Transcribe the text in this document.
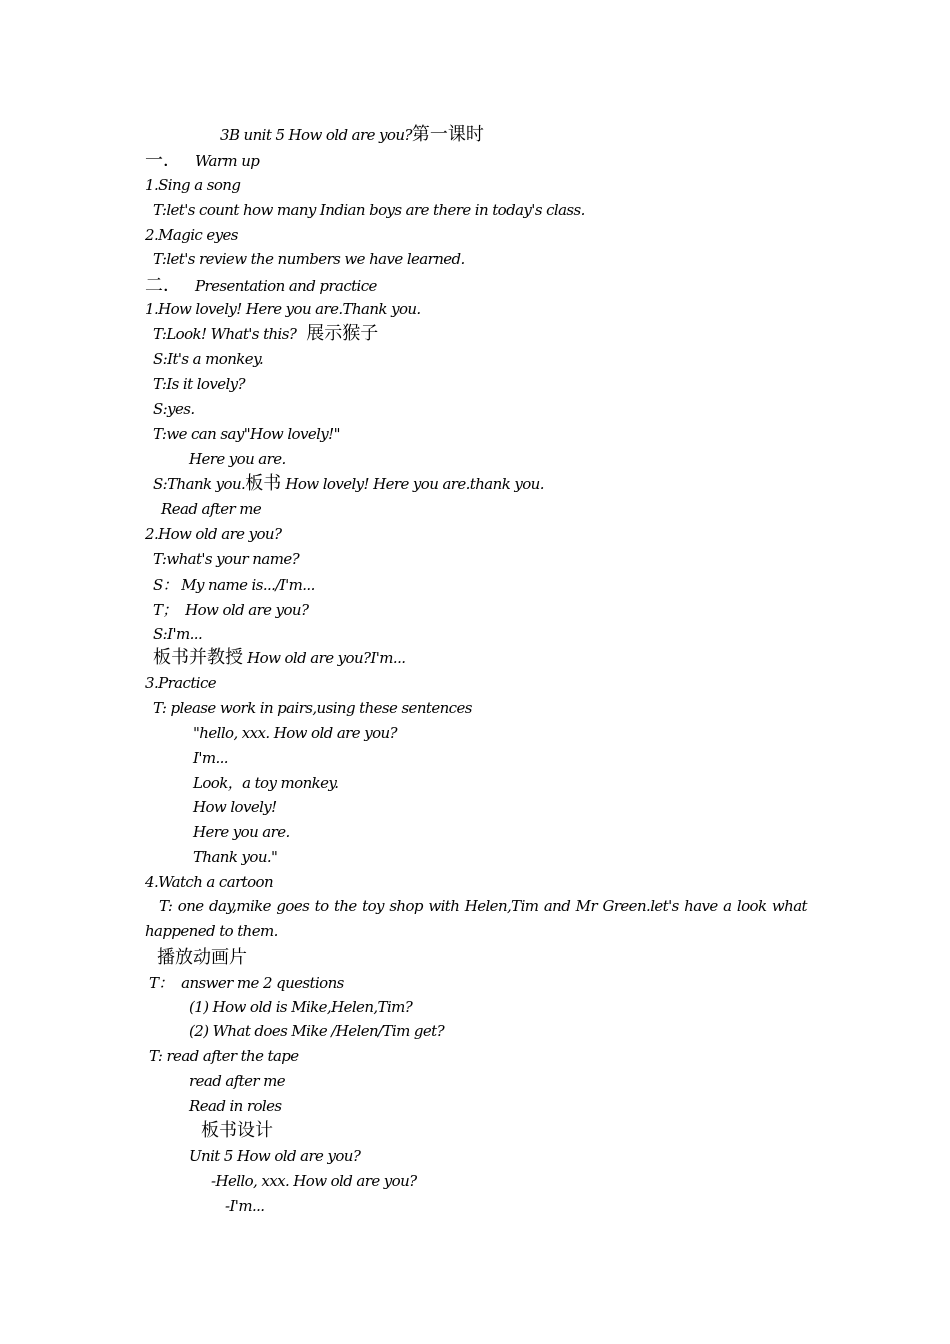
3B unit 5 How old are you?第一课时
一． Warm up
1.Sing a song
T:let's count how many Indian boys are there in today's class.
2.Magic eyes
T:let's review the numbers we have learned.
二． Presentation and practice
1.How lovely! Here you are.Thank you.
T:Look! What's this? 展示猴子
S:It's a monkey.
T:Is it lovely?
S:yes.
T:we can say"How lovely!"
Here you are.
S:Thank you.板书 How lovely! Here you are.thank you.
Read after me
2.How old are you?
T:what's your name?
S： My name is.../I'm...
T；  How old are you?
S:I'm...
板书并教授 How old are you?I'm...
3.Practice
T: please work in pairs,using these sentences
"hello, xxx. How old are you?
I'm...
Look，a toy monkey.
How lovely!
Here you are.
Thank you."
4.Watch a cartoon
T: one day,mike goes to the toy shop with Helen,Tim and Mr Green.let's have a look what happened to them.
播放动画片
T：  answer me 2 questions
(1) How old is Mike,Helen,Tim?
(2) What does Mike /Helen/Tim get?
T: read after the tape
read after me
Read in roles
板书设计
Unit 5 How old are you?
-Hello, xxx. How old are you?
-I'm...
